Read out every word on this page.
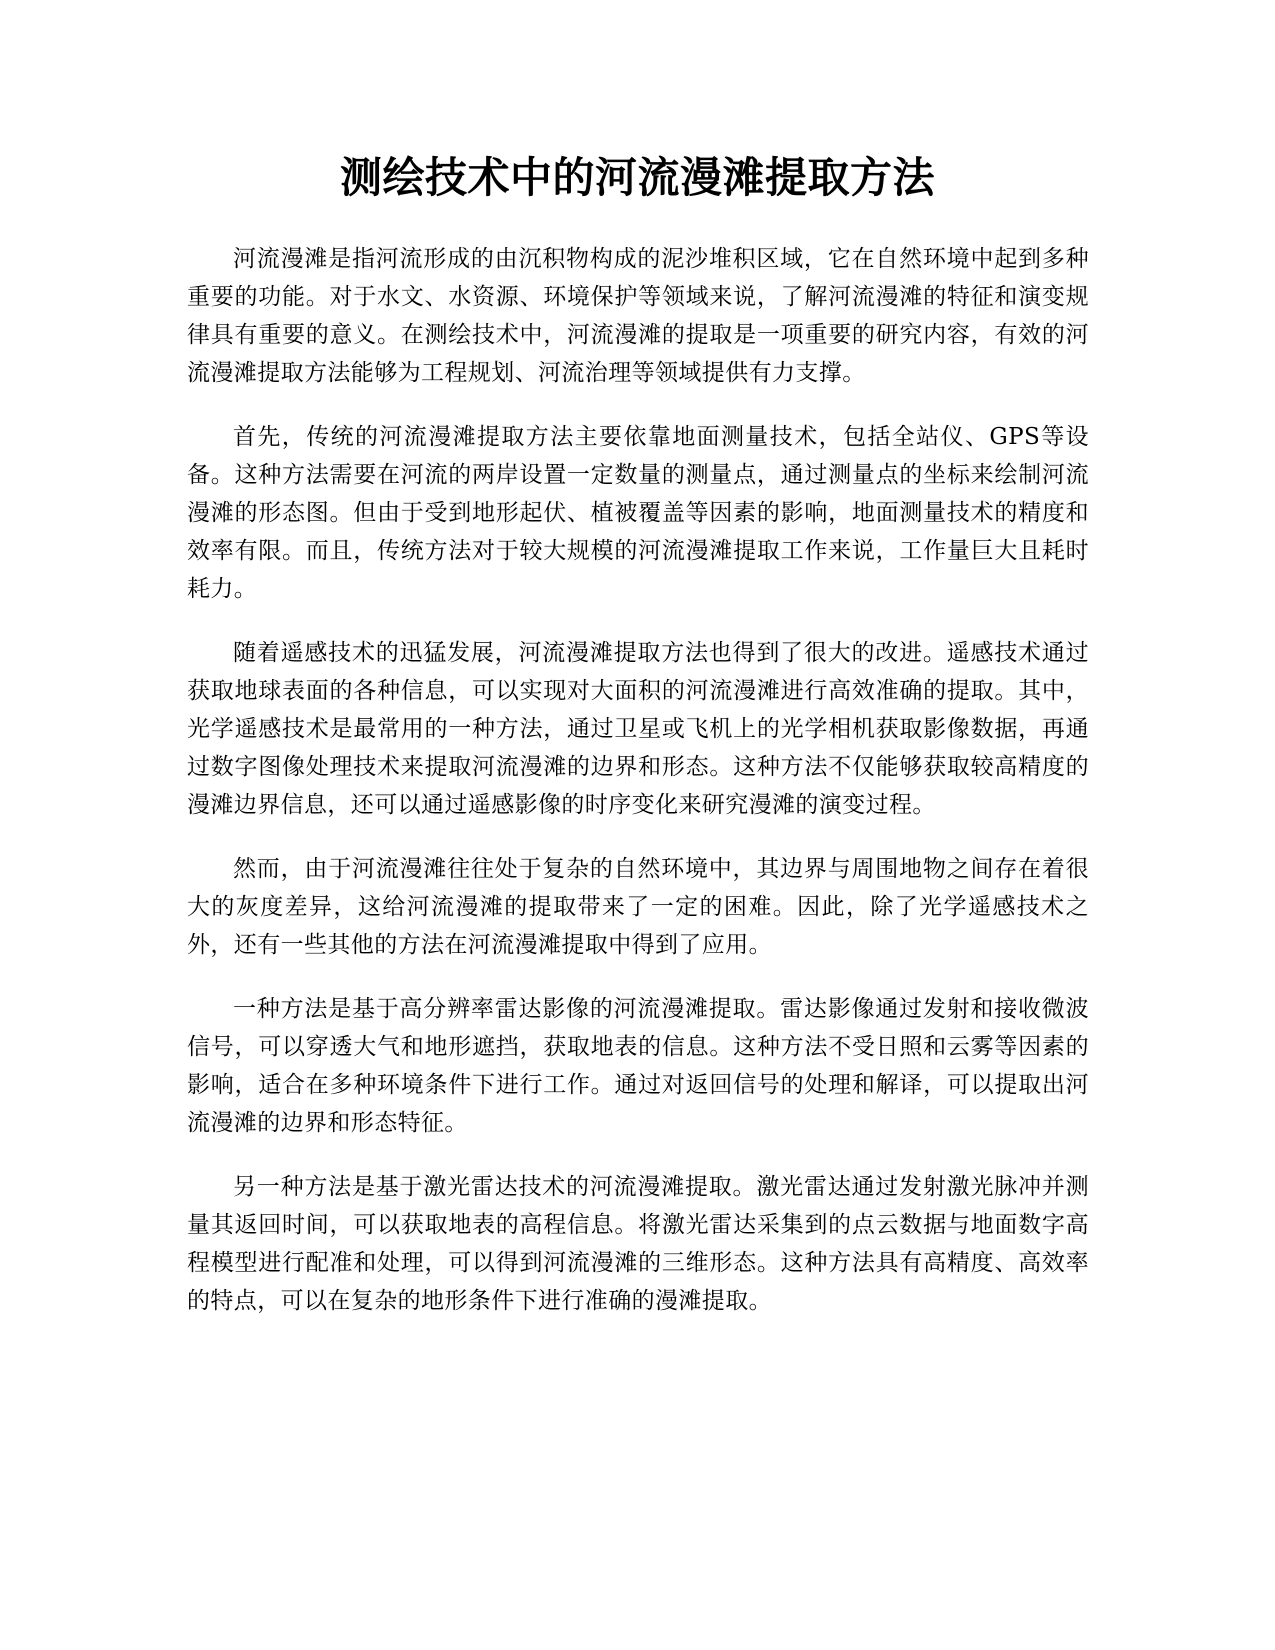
测绘技术中的河流漫滩提取方法

河流漫滩是指河流形成的由沉积物构成的泥沙堆积区域，它在自然环境中起到多种重要的功能。对于水文、水资源、环境保护等领域来说，了解河流漫滩的特征和演变规律具有重要的意义。在测绘技术中，河流漫滩的提取是一项重要的研究内容，有效的河流漫滩提取方法能够为工程规划、河流治理等领域提供有力支撑。

首先，传统的河流漫滩提取方法主要依靠地面测量技术，包括全站仪、GPS等设备。这种方法需要在河流的两岸设置一定数量的测量点，通过测量点的坐标来绘制河流漫滩的形态图。但由于受到地形起伏、植被覆盖等因素的影响，地面测量技术的精度和效率有限。而且，传统方法对于较大规模的河流漫滩提取工作来说，工作量巨大且耗时耗力。

随着遥感技术的迅猛发展，河流漫滩提取方法也得到了很大的改进。遥感技术通过获取地球表面的各种信息，可以实现对大面积的河流漫滩进行高效准确的提取。其中，光学遥感技术是最常用的一种方法，通过卫星或飞机上的光学相机获取影像数据，再通过数字图像处理技术来提取河流漫滩的边界和形态。这种方法不仅能够获取较高精度的漫滩边界信息，还可以通过遥感影像的时序变化来研究漫滩的演变过程。

然而，由于河流漫滩往往处于复杂的自然环境中，其边界与周围地物之间存在着很大的灰度差异，这给河流漫滩的提取带来了一定的困难。因此，除了光学遥感技术之外，还有一些其他的方法在河流漫滩提取中得到了应用。

一种方法是基于高分辨率雷达影像的河流漫滩提取。雷达影像通过发射和接收微波信号，可以穿透大气和地形遮挡，获取地表的信息。这种方法不受日照和云雾等因素的影响，适合在多种环境条件下进行工作。通过对返回信号的处理和解译，可以提取出河流漫滩的边界和形态特征。

另一种方法是基于激光雷达技术的河流漫滩提取。激光雷达通过发射激光脉冲并测量其返回时间，可以获取地表的高程信息。将激光雷达采集到的点云数据与地面数字高程模型进行配准和处理，可以得到河流漫滩的三维形态。这种方法具有高精度、高效率的特点，可以在复杂的地形条件下进行准确的漫滩提取。
